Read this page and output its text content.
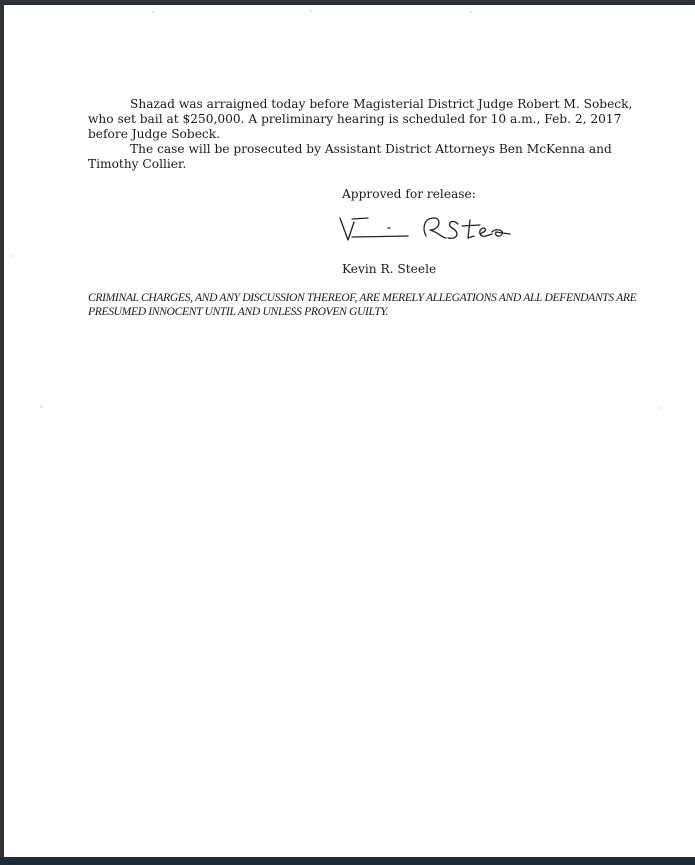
Shazad was arraigned today before Magisterial District Judge Robert M. Sobeck, who set bail at $250,000. A preliminary hearing is scheduled for 10 a.m., Feb. 2, 2017 before Judge Sobeck.

The case will be prosecuted by Assistant District Attorneys Ben McKenna and Timothy Collier.

Approved for release:

Kevin R. Steele

CRIMINAL CHARGES, AND ANY DISCUSSION THEREOF, ARE MERELY ALLEGATIONS AND ALL DEFENDANTS ARE PRESUMED INNOCENT UNTIL AND UNLESS PROVEN GUILTY.
